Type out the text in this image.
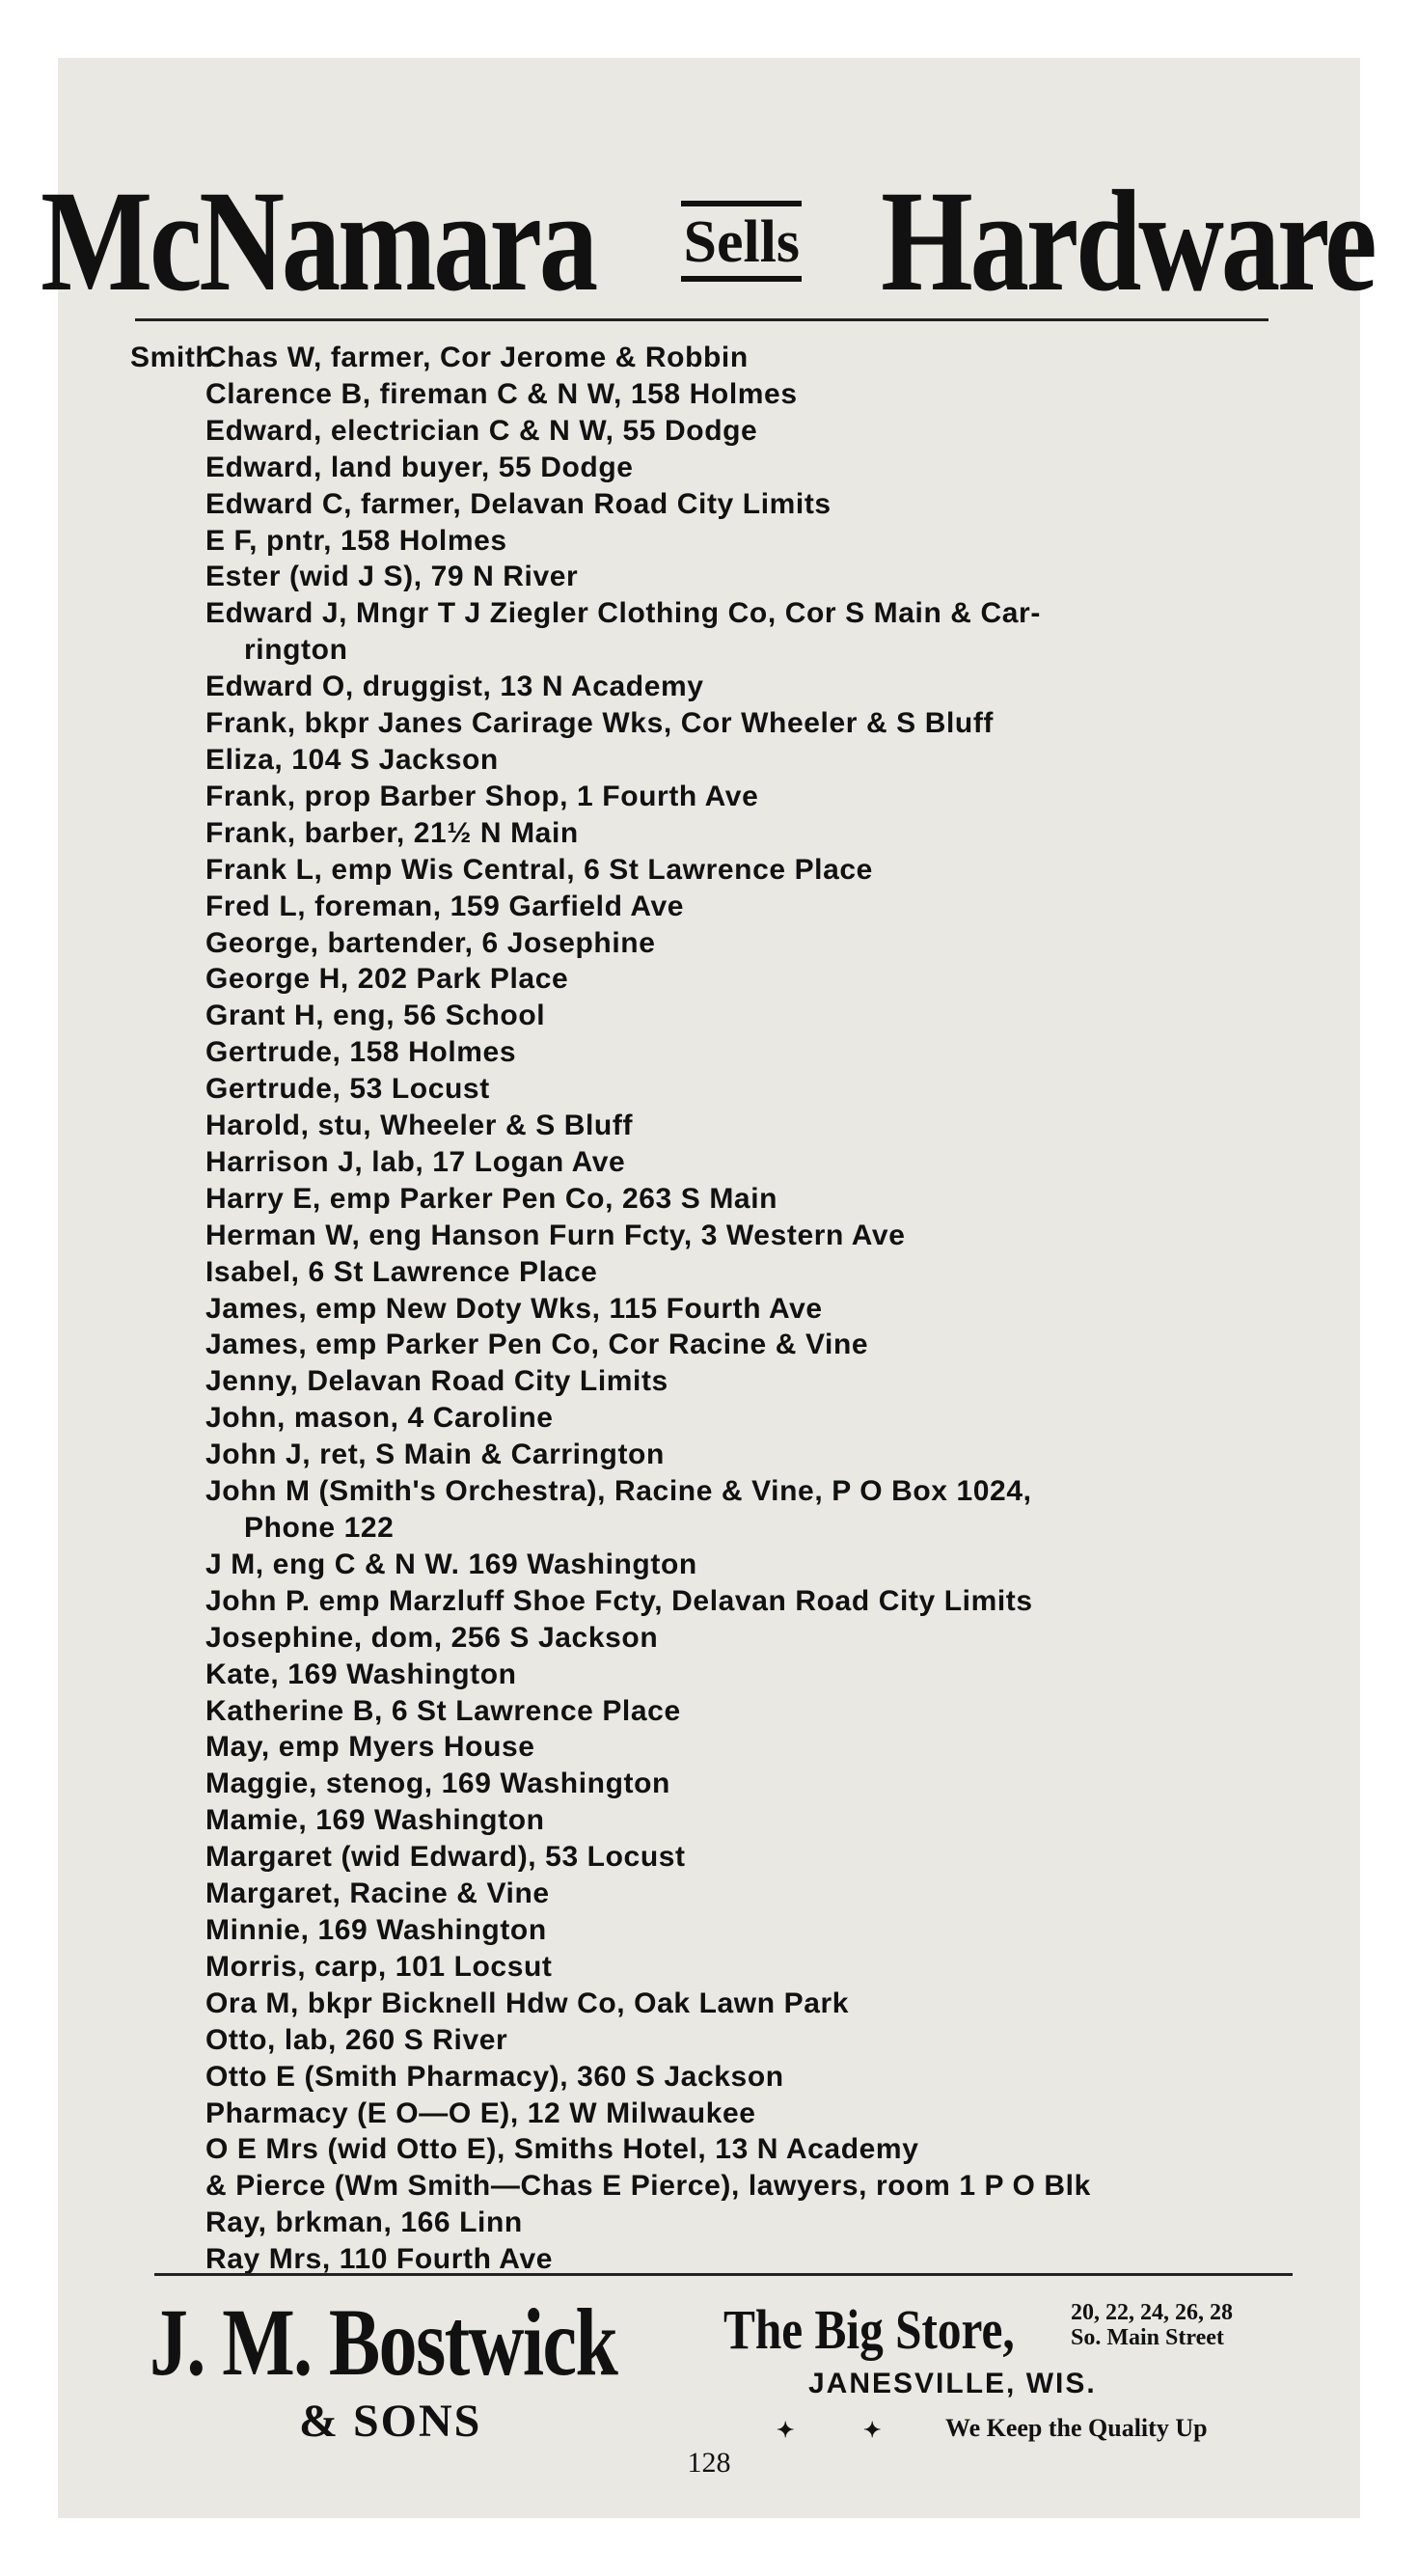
McNamara Sells Hardware
SmithChas W, farmer, Cor Jerome & Robbin
Clarence B, fireman C & N W, 158 Holmes
Edward, electrician C & N W, 55 Dodge
Edward, land buyer, 55 Dodge
Edward C, farmer, Delavan Road City Limits
E F, pntr, 158 Holmes
Ester (wid J S), 79 N River
Edward J, Mngr T J Ziegler Clothing Co, Cor S Main & Car-
rington
Edward O, druggist, 13 N Academy
Frank, bkpr Janes Carirage Wks, Cor Wheeler & S Bluff
Eliza, 104 S Jackson
Frank, prop Barber Shop, 1 Fourth Ave
Frank, barber, 21½ N Main
Frank L, emp Wis Central, 6 St Lawrence Place
Fred L, foreman, 159 Garfield Ave
George, bartender, 6 Josephine
George H, 202 Park Place
Grant H, eng, 56 School
Gertrude, 158 Holmes
Gertrude, 53 Locust
Harold, stu, Wheeler & S Bluff
Harrison J, lab, 17 Logan Ave
Harry E, emp Parker Pen Co, 263 S Main
Herman W, eng Hanson Furn Fcty, 3 Western Ave
Isabel, 6 St Lawrence Place
James, emp New Doty Wks, 115 Fourth Ave
James, emp Parker Pen Co, Cor Racine & Vine
Jenny, Delavan Road City Limits
John, mason, 4 Caroline
John J, ret, S Main & Carrington
John M (Smith's Orchestra), Racine & Vine, P O Box 1024,
Phone 122
J M, eng C & N W. 169 Washington
John P. emp Marzluff Shoe Fcty, Delavan Road City Limits
Josephine, dom, 256 S Jackson
Kate, 169 Washington
Katherine B, 6 St Lawrence Place
May, emp Myers House
Maggie, stenog, 169 Washington
Mamie, 169 Washington
Margaret (wid Edward), 53 Locust
Margaret, Racine & Vine
Minnie, 169 Washington
Morris, carp, 101 Locsut
Ora M, bkpr Bicknell Hdw Co, Oak Lawn Park
Otto, lab, 260 S River
Otto E (Smith Pharmacy), 360 S Jackson
Pharmacy (E O—O E), 12 W Milwaukee
O E Mrs (wid Otto E), Smiths Hotel, 13 N Academy
& Pierce (Wm Smith—Chas E Pierce), lawyers, room 1 P O Blk
Ray, brkman, 166 Linn
Ray Mrs, 110 Fourth Ave
J. M. Bostwick
& SONS
The Big Store, 20, 22, 24, 26, 28
So. Main Street
JANESVILLE, WIS.
✦	✦	We Keep the Quality Up
128
